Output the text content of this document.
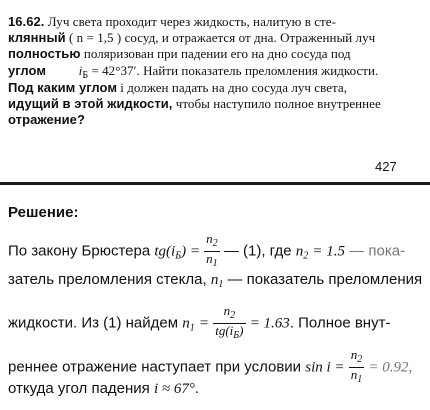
16.62. Луч света проходит через жидкость, налитую в сте-
клянный ( n = 1,5 ) сосуд, и отражается от дна. Отраженный луч
полностью поляризован при падении его на дно сосуда под
углом	$i_Б = 42^\circ 37'$. Найти показатель преломления жидкости.
Под каким углом i должен падать на дно сосуда луч света,
идущий в этой жидкости, чтобы наступило полное внутреннее
отражение?
427
Решение:
По закону Брюстера $tg(i_Б) = \frac{n_2}{n_1}$ — (1), где $n_2 = 1.5$ — пока-
затель преломления стекла, $n_1$ — показатель преломления
жидкости. Из (1) найдем $n_1 = \frac{n_2}{tg(i_Б)} = 1.63$. Полное внут-
реннее отражение наступает при условии $\sin i = \frac{n_2}{n_1} = 0.92$,
откуда угол падения i ≈ 67°.
